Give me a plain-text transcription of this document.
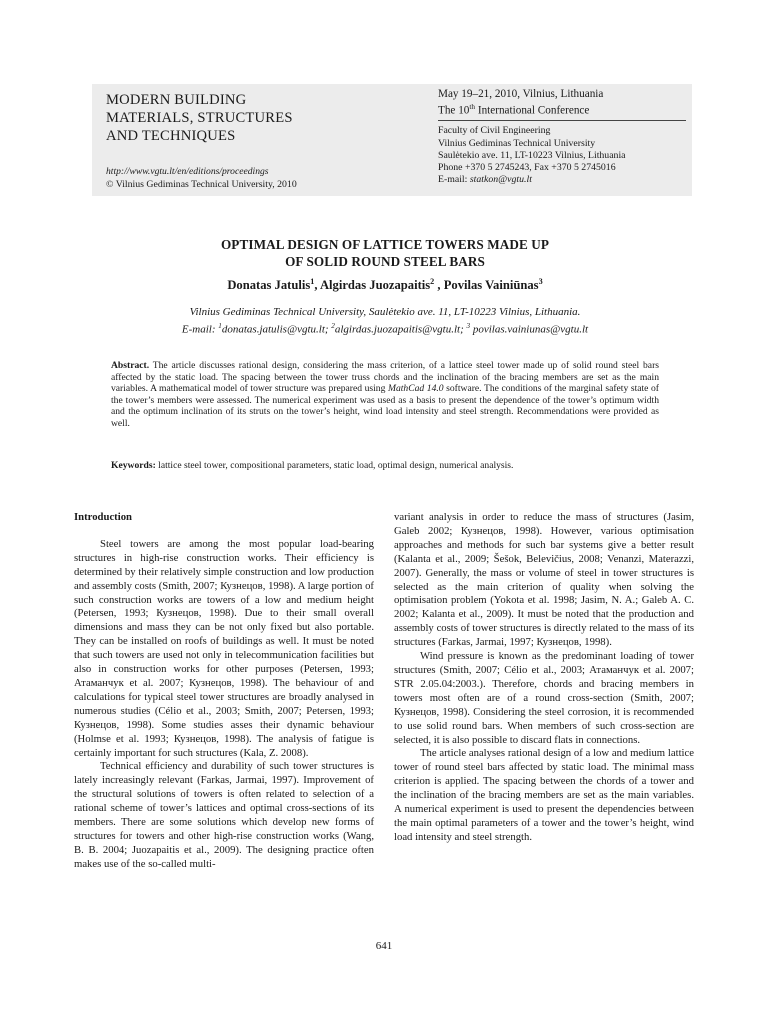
MODERN BUILDING
MATERIALS, STRUCTURES
AND TECHNIQUES
http://www.vgtu.lt/en/editions/proceedings
© Vilnius Gediminas Technical University, 2010
May 19–21, 2010, Vilnius, Lithuania
The 10th International Conference
Faculty of Civil Engineering
Vilnius Gediminas Technical University
Saulėtekio ave. 11, LT-10223 Vilnius, Lithuania
Phone +370 5 2745243, Fax +370 5 2745016
E-mail: statkon@vgtu.lt
OPTIMAL DESIGN OF LATTICE TOWERS MADE UP
OF SOLID ROUND STEEL BARS
Donatas Jatulis$^1$, Algirdas Juozapaitis$^2$ , Povilas Vainiūnas$^3$
Vilnius Gediminas Technical University, Saulėtekio ave. 11, LT-10223 Vilnius, Lithuania.
E-mail: $^1$donatas.jatulis@vgtu.lt; $^2$algirdas.juozapaitis@vgtu.lt; $^3$ povilas.vainiunas@vgtu.lt
Abstract. The article discusses rational design, considering the mass criterion, of a lattice steel tower made up of solid round steel bars affected by the static load. The spacing between the tower truss chords and the inclination of the bracing members are set as the main variables. A mathematical model of tower structure was prepared using MathCad 14.0 software. The conditions of the marginal safety state of the tower’s members were assessed. The numerical experiment was used as a basis to present the dependence of the tower’s optimum width and the optimum inclination of its struts on the tower’s height, wind load intensity and steel strength. Recommendations were provided as well.
Keywords: lattice steel tower, compositional parameters, static load, optimal design, numerical analysis.

Introduction

Steel towers are among the most popular load-bearing structures in high-rise construction works. Their efficiency is determined by their relatively simple construction and low production and assembly costs (Smith, 2007; Кузнецов, 1998). A large portion of such construction works are towers of a low and medium height (Petersen, 1993; Кузнецов, 1998). Due to their small overall dimensions and mass they can be not only fixed but also portable. They can be installed on roofs of buildings as well. It must be noted that such towers are used not only in telecommunication facilities but also in construction works for other purposes (Petersen, 1993; Атаманчук et al. 2007; Кузнецов, 1998). The behaviour of and calculations for typical steel tower structures are broadly analysed in numerous studies (Célio et al., 2003; Smith, 2007; Petersen, 1993; Кузнецов, 1998). Some studies asses their dynamic behaviour (Holmse et al. 1993; Кузнецов, 1998). The analysis of fatigue is certainly important for such structures (Kala, Z. 2008).

Technical efficiency and durability of such tower structures is lately increasingly relevant (Farkas, Jarmai, 1997). Improvement of the structural solutions of towers is often related to selection of a rational scheme of tower’s lattices and optimal cross-sections of its members. There are some solutions which develop new forms of structures for towers and other high-rise construction works (Wang, B. B. 2004; Juozapaitis et al., 2009). The designing practice often makes use of the so-called multi-

variant analysis in order to reduce the mass of structures (Jasim, Galeb 2002; Кузнецов, 1998). However, various optimisation approaches and methods for such bar systems give a better result (Kalanta et al., 2009; Šešok, Belevičius, 2008; Venanzi, Materazzi, 2007). Generally, the mass or volume of steel in tower structures is selected as the main criterion of quality when solving the optimisation problem (Yokota et al. 1998; Jasim, N. A.; Galeb A. C. 2002; Kalanta et al., 2009). It must be noted that the production and assembly costs of tower structures is directly related to the mass of its structures (Farkas, Jarmai, 1997; Кузнецов, 1998).

Wind pressure is known as the predominant loading of tower structures (Smith, 2007; Célio et al., 2003; Атаманчук et al. 2007; STR 2.05.04:2003.). Therefore, chords and bracing members in towers most often are of a round cross-section (Smith, 2007; Кузнецов, 1998). Considering the steel corrosion, it is recommended to use solid round bars. When members of such cross-section are selected, it is also possible to discard flats in connections.

The article analyses rational design of a low and medium lattice tower of round steel bars affected by static load. The minimal mass criterion is applied. The spacing between the chords of a tower and the inclination of the bracing members are set as the main variables. A numerical experiment is used to present the dependencies between the main optimal parameters of a tower and the tower’s height, wind load intensity and steel strength.

641
